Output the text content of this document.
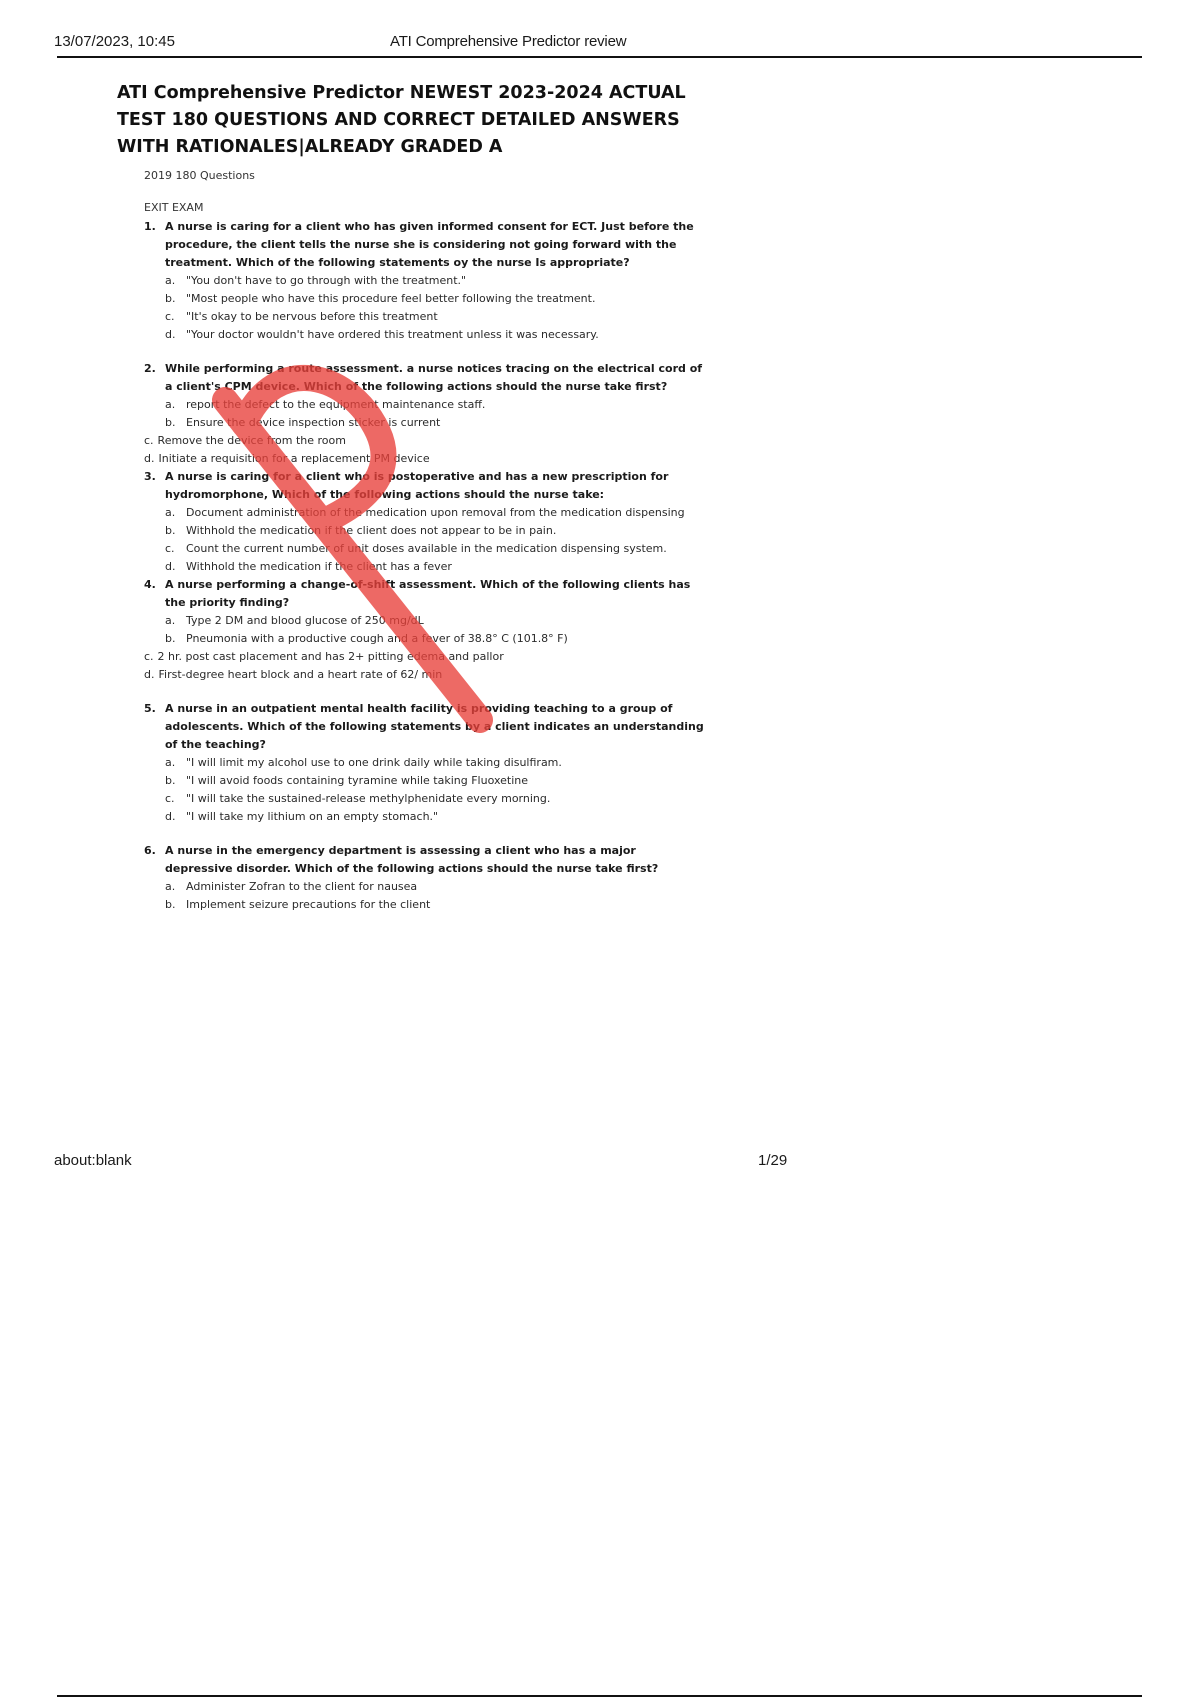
13/07/2023, 10:45	ATI Comprehensive Predictor review
ATI Comprehensive Predictor NEWEST 2023-2024 ACTUAL TEST 180 QUESTIONS AND CORRECT DETAILED ANSWERS WITH RATIONALES|ALREADY GRADED A
2019 180 Questions
EXIT EXAM
1. A nurse is caring for a client who has given informed consent for ECT. Just before the procedure, the client tells the nurse she is considering not going forward with the treatment. Which of the following statements oy the nurse Is appropriate?
a. "You don't have to go through with the treatment."
b. "Most people who have this procedure feel better following the treatment.
c.	"It's okay to be nervous before this treatment
d. "Your doctor wouldn't have ordered this treatment unless it was necessary.
2. While performing a route assessment. a nurse notices tracing on the electrical cord of a client's CPM device. Which of the following actions should the nurse take first?
a. report the defect to the equipment maintenance staff.
b. Ensure the device inspection sticker is current
c. Remove the device from the room
d. Initiate a requisition for a replacement PM device
3. A nurse is caring for a client who is postoperative and has a new prescription for hydromorphone, Which of the following actions should the nurse take:
a. Document administration of the medication upon removal from the medication dispensing
b. Withhold the medication if the client does not appear to be in pain.
c.	Count the current number of unit doses available in the medication dispensing system.
d. Withhold the medication if the client has a fever
4. A nurse performing a change-of-shift assessment. Which of the following clients has the priority finding?
a. Type 2 DM and blood glucose of 250 mg/dL
b. Pneumonia with a productive cough and a fever of 38.8° C (101.8° F)
c. 2 hr. post cast placement and has 2+ pitting edema and pallor
d. First-degree heart block and a heart rate of 62/ min
5. A nurse in an outpatient mental health facility is providing teaching to a group of adolescents. Which of the following statements by a client indicates an understanding of the teaching?
a. "I will limit my alcohol use to one drink daily while taking disulfiram.
b. "I will avoid foods containing tyramine while taking Fluoxetine
c.	"I will take the sustained-release methylphenidate every morning.
d. "I will take my lithium on an empty stomach."
6. A nurse in the emergency department is assessing a client who has a major depressive disorder. Which of the following actions should the nurse take first?
a. Administer Zofran to the client for nausea
b. Implement seizure precautions for the client
about:blank	1/29
